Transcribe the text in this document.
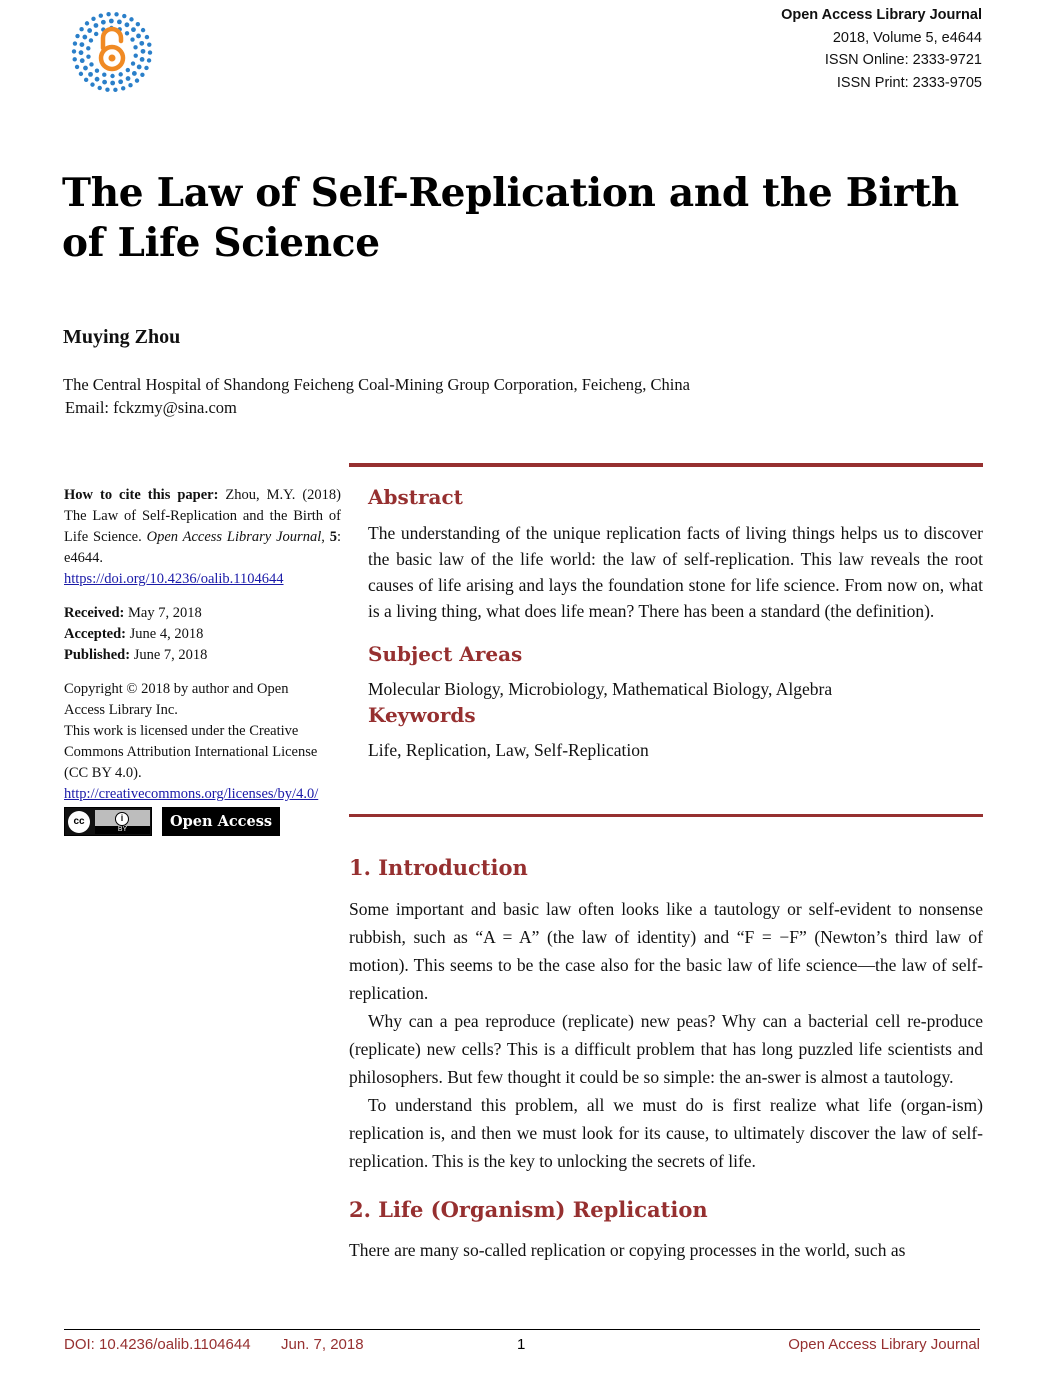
Open Access Library Journal
2018, Volume 5, e4644
ISSN Online: 2333-9721
ISSN Print: 2333-9705
The Law of Self-Replication and the Birth of Life Science
Muying Zhou
The Central Hospital of Shandong Feicheng Coal-Mining Group Corporation, Feicheng, China
Email: fckzmy@sina.com
How to cite this paper: Zhou, M.Y. (2018) The Law of Self-Replication and the Birth of Life Science. Open Access Library Journal, 5: e4644.
https://doi.org/10.4236/oalib.1104644

Received: May 7, 2018

Accepted: June 4, 2018

Published: June 7, 2018

Copyright © 2018 by author and Open Access Library Inc.

This work is licensed under the Creative Commons Attribution International License (CC BY 4.0).

http://creativecommons.org/licenses/by/4.0/

cc	i
BY	Open Access
Abstract

The understanding of the unique replication facts of living things helps us to discover the basic law of the life world: the law of self-replication. This law reveals the root causes of life arising and lays the foundation stone for life science. From now on, what is a living thing, what does life mean? There has been a standard (the definition).

Subject Areas

Molecular Biology, Microbiology, Mathematical Biology, Algebra

Keywords

Life, Replication, Law, Self-Replication

1. Introduction

Some important and basic law often looks like a tautology or self-evident to nonsense rubbish, such as “A = A” (the law of identity) and “F = −F” (Newton’s third law of motion). This seems to be the case also for the basic law of life science—the law of self-replication.

Why can a pea reproduce (replicate) new peas? Why can a bacterial cell re-produce (replicate) new cells? This is a difficult problem that has long puzzled life scientists and philosophers. But few thought it could be so simple: the an-swer is almost a tautology.

To understand this problem, all we must do is first realize what life (organ-ism) replication is, and then we must look for its cause, to ultimately discover the law of self-replication. This is the key to unlocking the secrets of life.

2. Life (Organism) Replication

There are many so-called replication or copying processes in the world, such as

DOI: 10.4236/oalib.1104644 Jun. 7, 2018	1	Open Access Library Journal
